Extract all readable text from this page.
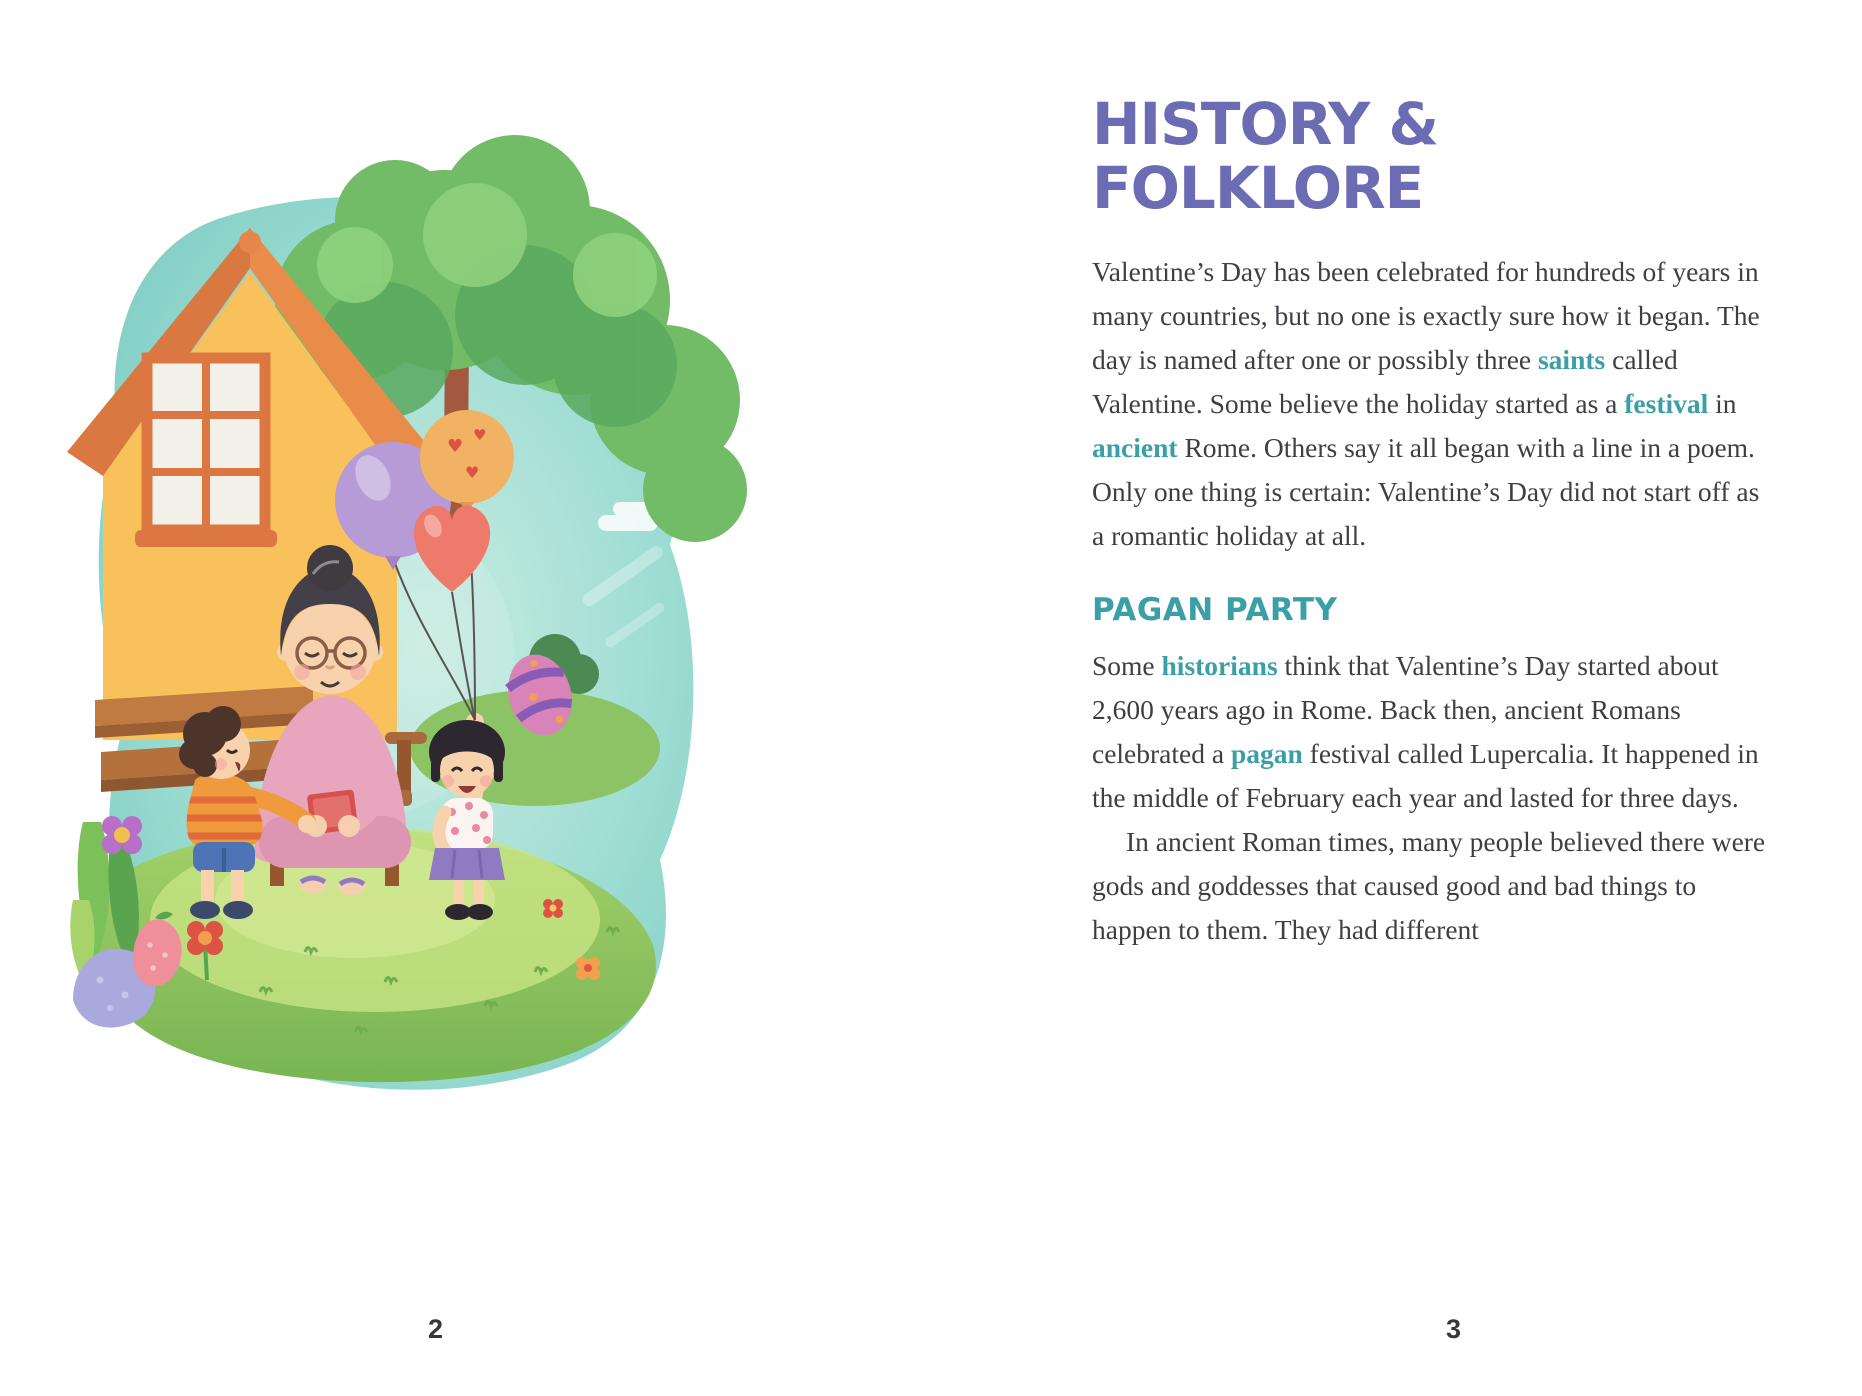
♥
♥
♥
2	3
HISTORY &
FOLKLORE

Valentine’s Day has been celebrated for hundreds of years in many countries, but no one is exactly sure how it began. The day is named after one or possibly three saints called Valentine. Some believe the holiday started as a festival in ancient Rome. Others say it all began with a line in a poem. Only one thing is certain: Valentine’s Day did not start off as a romantic holiday at all.

PAGAN PARTY

Some historians think that Valentine’s Day started about 2,600 years ago in Rome. Back then, ancient Romans celebrated a pagan festival called Lupercalia. It happened in the middle of February each year and lasted for three days.

In ancient Roman times, many people believed there were gods and goddesses that caused good and bad things to happen to them. They had different
